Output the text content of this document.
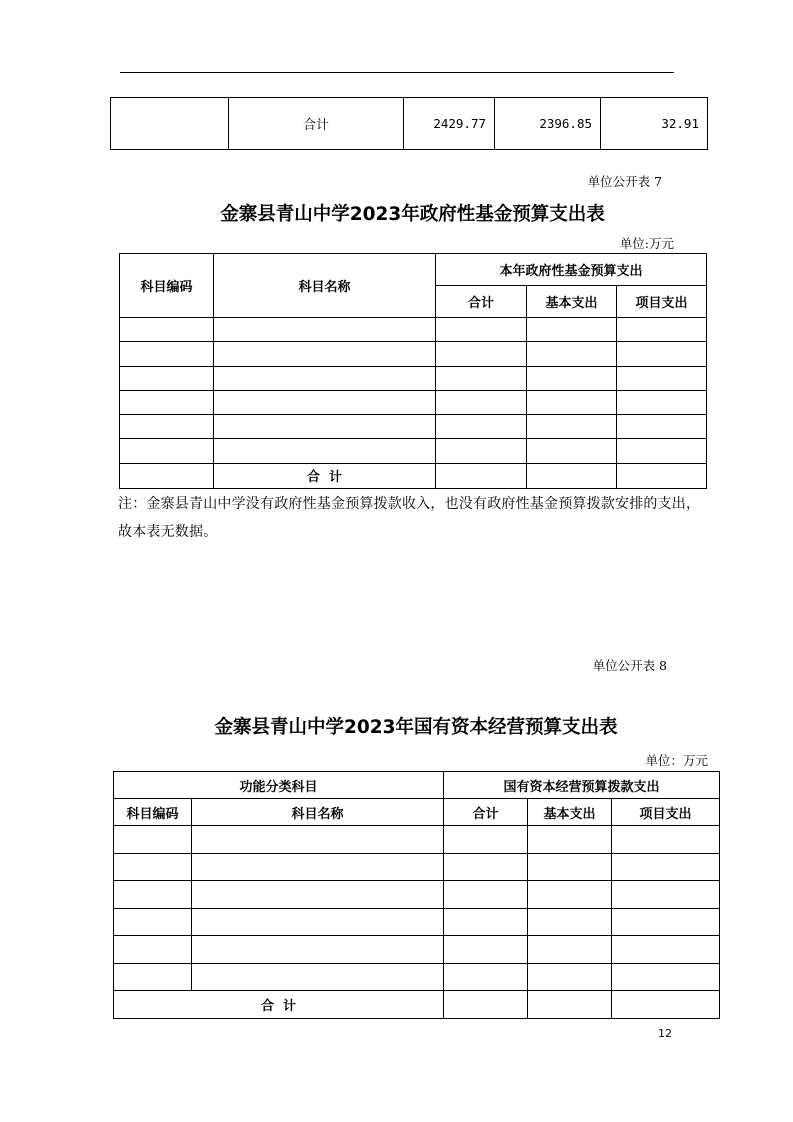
	合计	2429.77	2396.85	32.91
单位公开表 7
金寨县青山中学2023年政府性基金预算支出表
单位:万元
科目编码	科目名称	本年政府性基金预算支出		
		合计	基本支出	项目支出

	合  计			
注：金寨县青山中学没有政府性基金预算拨款收入，也没有政府性基金预算拨款安排的支出，故本表无数据。
单位公开表 8
金寨县青山中学2023年国有资本经营预算支出表
单位：万元
功能分类科目		国有资本经营预算拨款支出		
科目编码	科目名称	合计	基本支出	项目支出

合  计				
12
